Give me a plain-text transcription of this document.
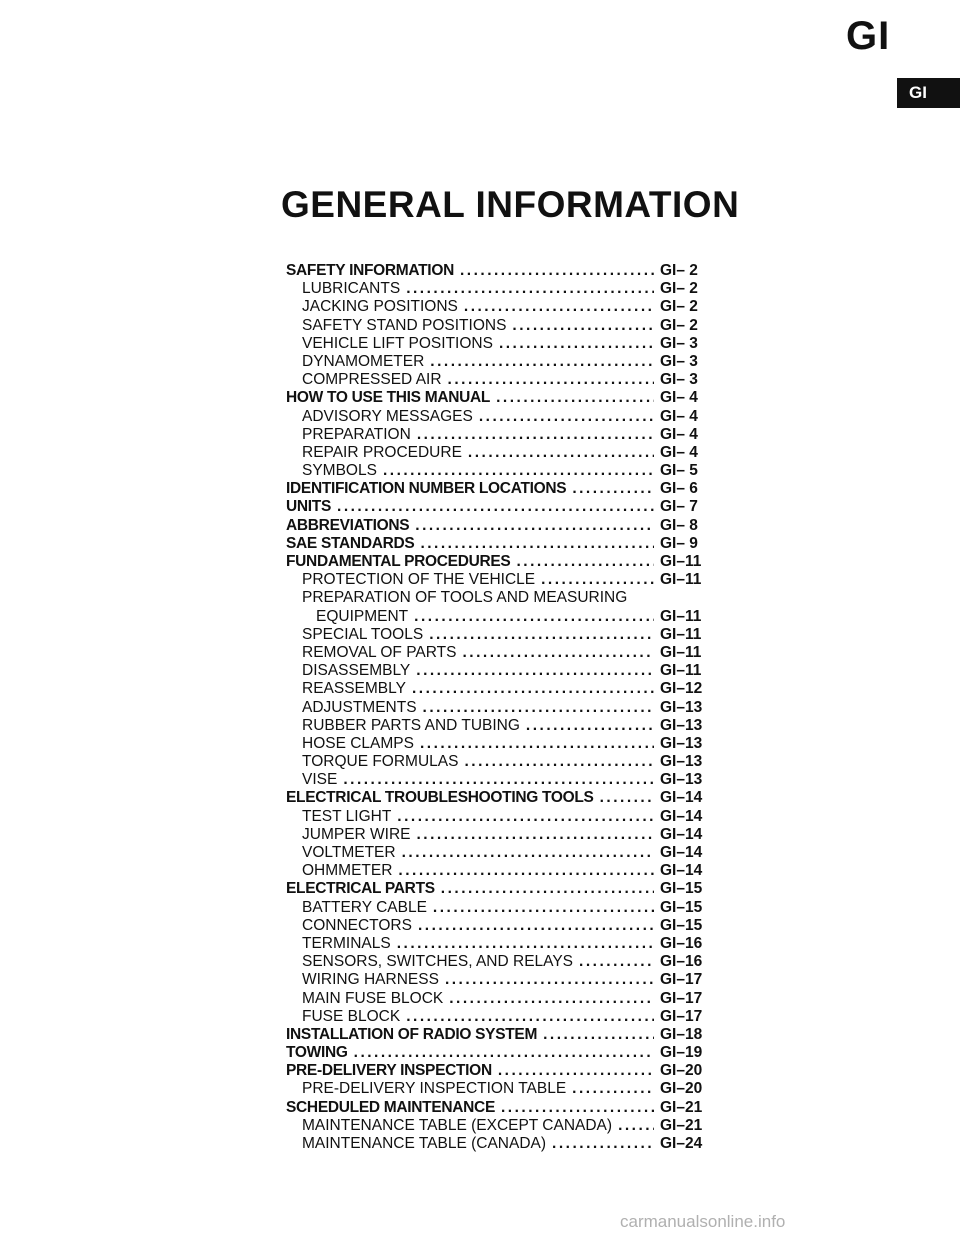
GI
GI
GENERAL INFORMATION
SAFETY INFORMATION .....	GI– 2
LUBRICANTS .....	GI– 2
JACKING POSITIONS .....	GI– 2
SAFETY STAND POSITIONS .....	GI– 2
VEHICLE LIFT POSITIONS .....	GI– 3
DYNAMOMETER .....	GI– 3
COMPRESSED AIR .....	GI– 3
HOW TO USE THIS MANUAL .....	GI– 4
ADVISORY MESSAGES .....	GI– 4
PREPARATION .....	GI– 4
REPAIR PROCEDURE .....	GI– 4
SYMBOLS .....	GI– 5
IDENTIFICATION NUMBER LOCATIONS .....	GI– 6
UNITS .....	GI– 7
ABBREVIATIONS .....	GI– 8
SAE STANDARDS .....	GI– 9
FUNDAMENTAL PROCEDURES .....	GI–11
PROTECTION OF THE VEHICLE .....	GI–11
PREPARATION OF TOOLS AND MEASURING
EQUIPMENT .....	GI–11
SPECIAL TOOLS .....	GI–11
REMOVAL OF PARTS .....	GI–11
DISASSEMBLY .....	GI–11
REASSEMBLY .....	GI–12
ADJUSTMENTS .....	GI–13
RUBBER PARTS AND TUBING .....	GI–13
HOSE CLAMPS .....	GI–13
TORQUE FORMULAS .....	GI–13
VISE .....	GI–13
ELECTRICAL TROUBLESHOOTING TOOLS .....	GI–14
TEST LIGHT .....	GI–14
JUMPER WIRE .....	GI–14
VOLTMETER .....	GI–14
OHMMETER .....	GI–14
ELECTRICAL PARTS .....	GI–15
BATTERY CABLE .....	GI–15
CONNECTORS .....	GI–15
TERMINALS .....	GI–16
SENSORS, SWITCHES, AND RELAYS .....	GI–16
WIRING HARNESS .....	GI–17
MAIN FUSE BLOCK .....	GI–17
FUSE BLOCK .....	GI–17
INSTALLATION OF RADIO SYSTEM .....	GI–18
TOWING .....	GI–19
PRE-DELIVERY INSPECTION .....	GI–20
PRE-DELIVERY INSPECTION TABLE .....	GI–20
SCHEDULED MAINTENANCE .....	GI–21
MAINTENANCE TABLE (EXCEPT CANADA) .....	GI–21
MAINTENANCE TABLE (CANADA) .....	GI–24
carmanualsonline.info
